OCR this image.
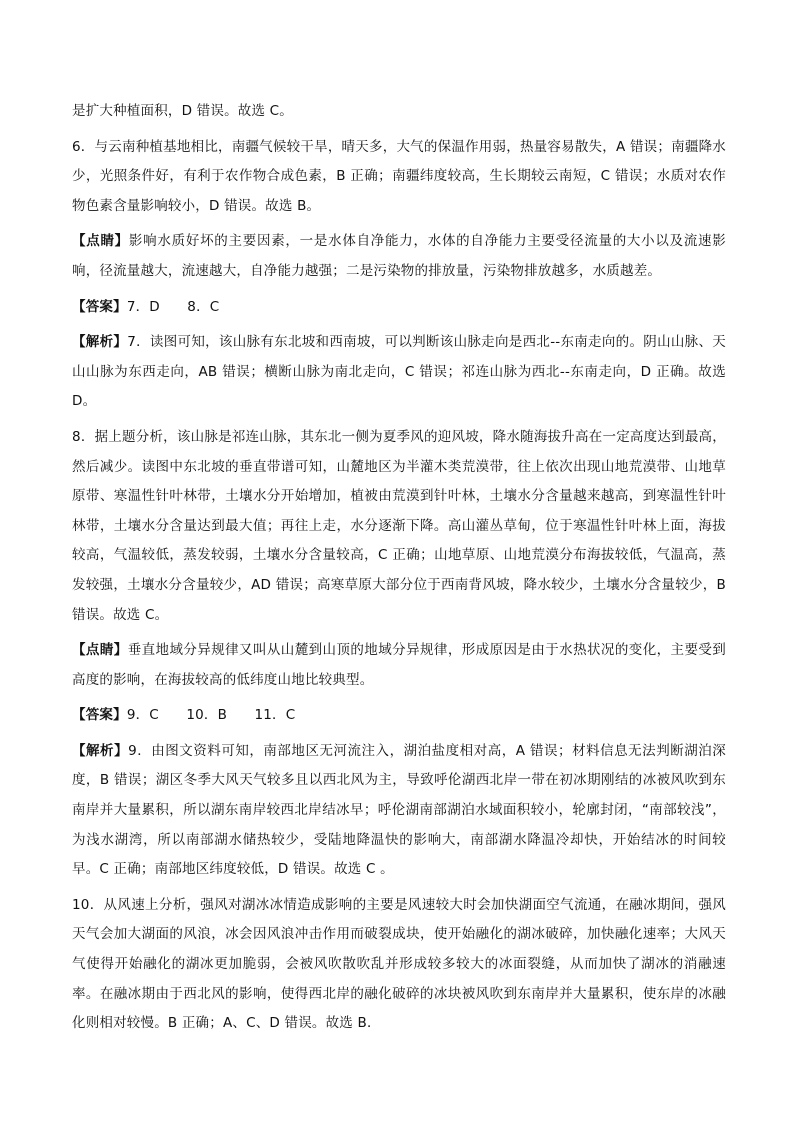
是扩大种植面积，D 错误。故选 C。

6．与云南种植基地相比，南疆气候较干旱，晴天多，大气的保温作用弱，热量容易散失，A 错误；南疆降水少，光照条件好，有利于农作物合成色素，B 正确；南疆纬度较高，生长期较云南短，C 错误；水质对农作物色素含量影响较小，D 错误。故选 B。

【点睛】影响水质好坏的主要因素，一是水体自净能力，水体的自净能力主要受径流量的大小以及流速影响，径流量越大，流速越大，自净能力越强；二是污染物的排放量，污染物排放越多，水质越差。

【答案】7．D　　8．C

【解析】7．读图可知，该山脉有东北坡和西南坡，可以判断该山脉走向是西北--东南走向的。阴山山脉、天山山脉为东西走向，AB 错误；横断山脉为南北走向，C 错误；祁连山脉为西北--东南走向，D 正确。故选D。

8．据上题分析，该山脉是祁连山脉，其东北一侧为夏季风的迎风坡，降水随海拔升高在一定高度达到最高，然后减少。读图中东北坡的垂直带谱可知，山麓地区为半灌木类荒漠带，往上依次出现山地荒漠带、山地草原带、寒温性针叶林带，土壤水分开始增加，植被由荒漠到针叶林，土壤水分含量越来越高，到寒温性针叶林带，土壤水分含量达到最大值；再往上走，水分逐渐下降。高山灌丛草甸，位于寒温性针叶林上面，海拔较高，气温较低，蒸发较弱，土壤水分含量较高，C 正确；山地草原、山地荒漠分布海拔较低，气温高，蒸发较强，土壤水分含量较少，AD 错误；高寒草原大部分位于西南背风坡，降水较少，土壤水分含量较少，B 错误。故选 C。

【点睛】垂直地域分异规律又叫从山麓到山顶的地域分异规律，形成原因是由于水热状况的变化，主要受到高度的影响，在海拔较高的低纬度山地比较典型。

【答案】9．C　　10．B　　11．C

【解析】9．由图文资料可知，南部地区无河流注入，湖泊盐度相对高，A 错误；材料信息无法判断湖泊深度，B 错误；湖区冬季大风天气较多且以西北风为主，导致呼伦湖西北岸一带在初冰期刚结的冰被风吹到东南岸并大量累积，所以湖东南岸较西北岸结冰早；呼伦湖南部湖泊水域面积较小，轮廓封闭，“南部较浅”，为浅水湖湾，所以南部湖水储热较少，受陆地降温快的影响大，南部湖水降温冷却快，开始结冰的时间较早。C 正确；南部地区纬度较低，D 错误。故选 C 。

10．从风速上分析，强风对湖冰冰情造成影响的主要是风速较大时会加快湖面空气流通，在融冰期间，强风天气会加大湖面的风浪，冰会因风浪冲击作用而破裂成块，使开始融化的湖冰破碎，加快融化速率；大风天气使得开始融化的湖冰更加脆弱，会被风吹散吹乱并形成较多较大的冰面裂缝，从而加快了湖冰的消融速率。在融冰期由于西北风的影响，使得西北岸的融化破碎的冰块被风吹到东南岸并大量累积，使东岸的冰融化则相对较慢。B 正确；A、C、D 错误。故选 B．
